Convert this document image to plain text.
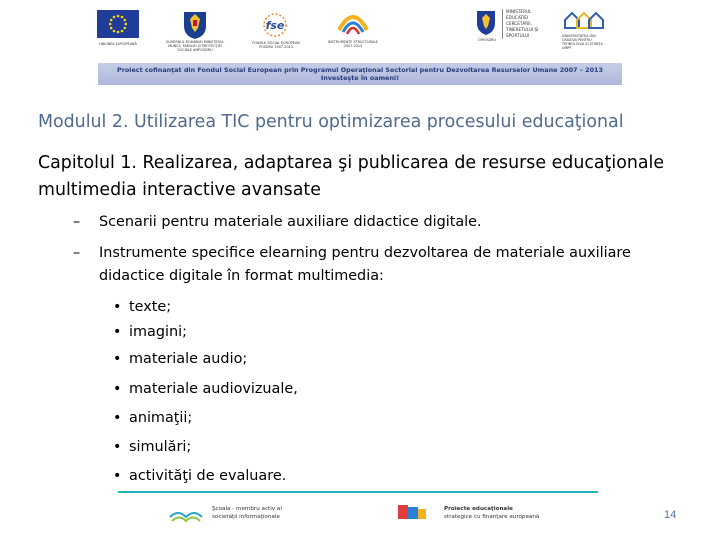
UNIUNEA EUROPEANĂ	GUVERNUL ROMÂNIEI MINISTERUL MUNCII, FAMILIEI ŞI PROTECŢIEI SOCIALE AMPOSDRU
fse
FONDUL SOCIAL EUROPEAN POSDRU 2007-2013
INSTRUMENTE STRUCTURALE 2007-2013
OIPOSDRU
MINISTERUL EDUCAŢIEI CERCETĂRII, TINERETULUI ŞI SPORTULUI	UNIVERSITATEA DIN CRAIOVA PENTRU TEHNOLOGIA ŞI ŞTIINŢA UMPF
Proiect cofinanţat din Fondul Social European prin Programul Operaţional Sectorial pentru Dezvoltarea Resurselor Umane 2007 – 2013
Investeşte în oameni!
Modulul 2. Utilizarea TIC pentru optimizarea procesului educaţional
Capitolul 1. Realizarea, adaptarea şi publicarea de resurse educaţionale multimedia interactive avansate
–	Scenarii pentru materiale auxiliare didactice digitale.
–	Instrumente specifice elearning pentru dezvoltarea de materiale auxiliare didactice digitale în format multimedia:
• texte;
• imagini;
• materiale audio;
• materiale audiovizuale,
• animaţii;
• simulări;
• activităţi de evaluare.
Şcoala - membru activ al
societăţii informaţionale
Proiecte educaţionale
strategice cu finanţare europeană	14
